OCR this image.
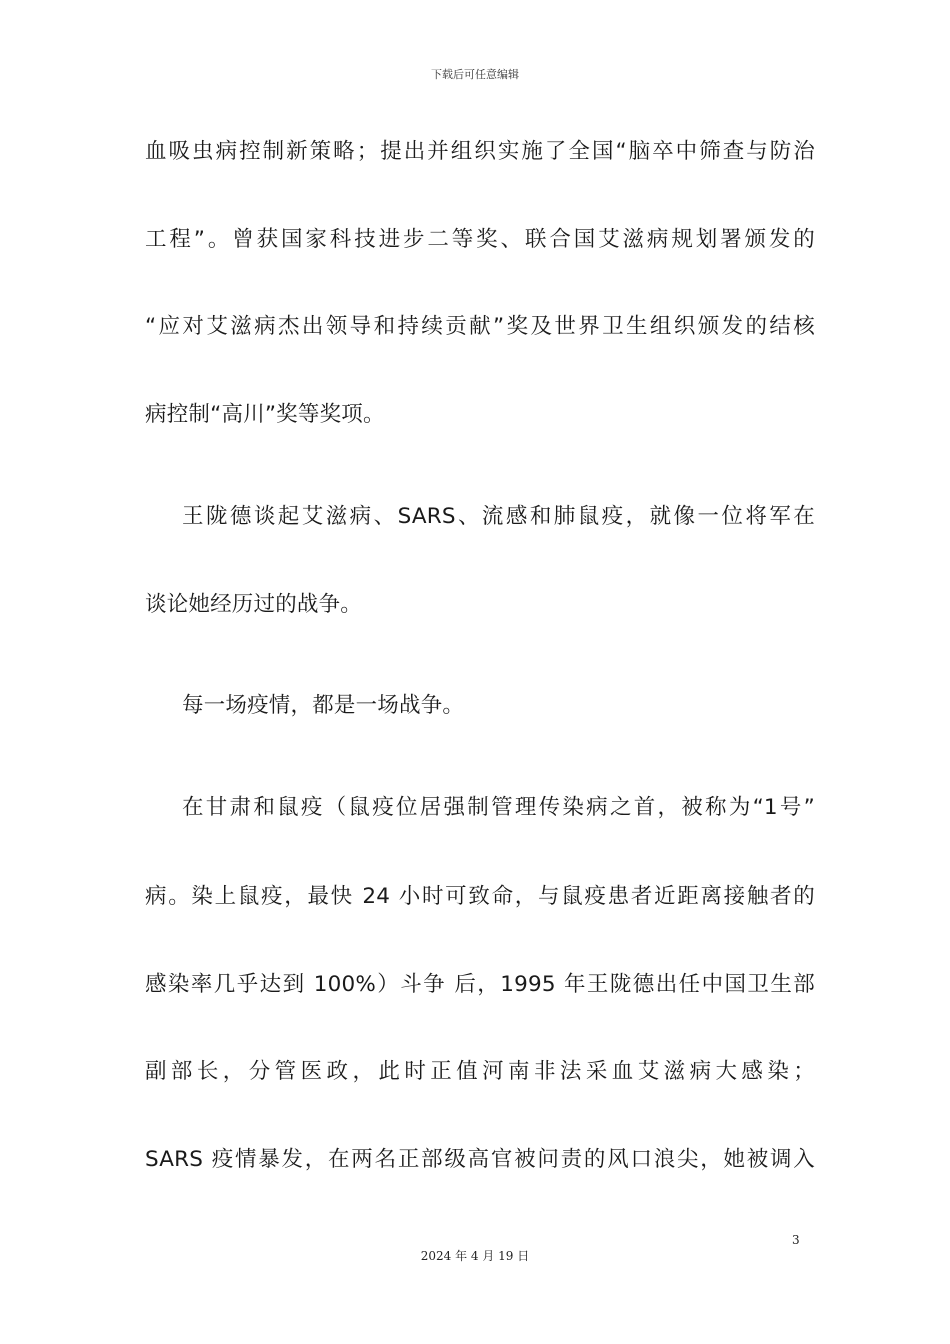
下载后可任意编辑
血吸虫病控制新策略；提出并组织实施了全国“脑卒中筛查与防治
工程”。曾获国家科技进步二等奖、联合国艾滋病规划署颁发的
“应对艾滋病杰出领导和持续贡献”奖及世界卫生组织颁发的结核
病控制“高川”奖等奖项。
王陇德谈起艾滋病、SARS、流感和肺鼠疫，就像一位将军在
谈论她经历过的战争。
每一场疫情，都是一场战争。
在甘肃和鼠疫（鼠疫位居强制管理传染病之首，被称为“1号”
病。染上鼠疫，最快 24 小时可致命，与鼠疫患者近距离接触者的
感染率几乎达到 100%）斗争 后，1995 年王陇德出任中国卫生部
副部长，分管医政，此时正值河南非法采血艾滋病大感染；
SARS 疫情暴发，在两名正部级高官被问责的风口浪尖，她被调入
3
2024 年 4 月 19 日
